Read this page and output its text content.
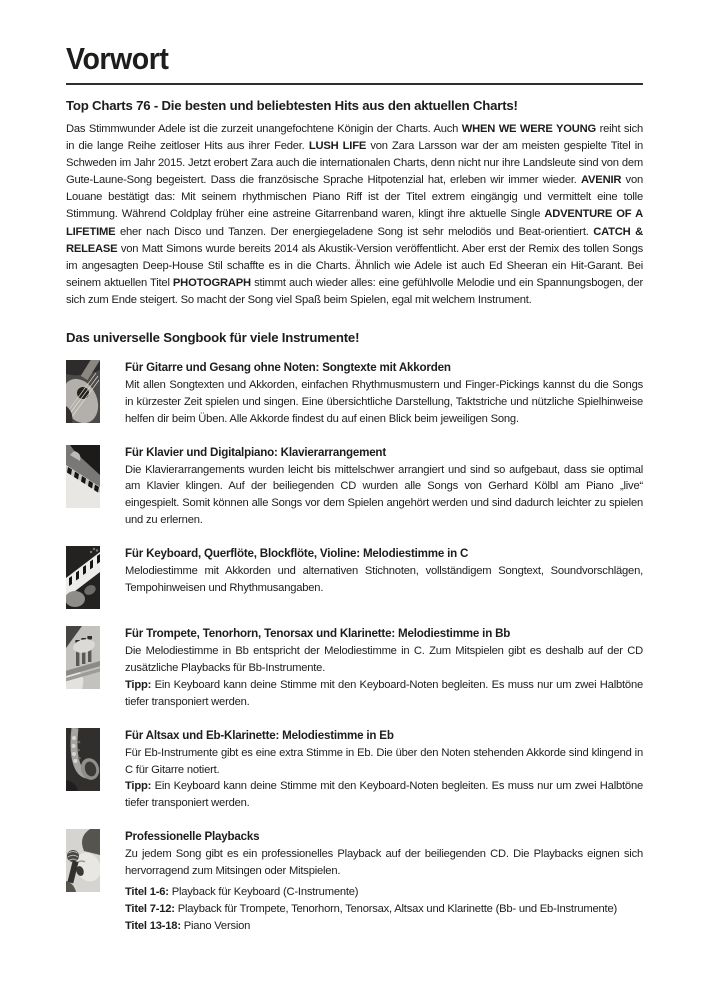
Vorwort
Top Charts 76 - Die besten und beliebtesten Hits aus den aktuellen Charts!

Das Stimmwunder Adele ist die zurzeit unangefochtene Königin der Charts. Auch WHEN WE WERE YOUNG reiht sich in die lange Reihe zeitloser Hits aus ihrer Feder. LUSH LIFE von Zara Larsson war der am meisten gespielte Titel in Schweden im Jahr 2015. Jetzt erobert Zara auch die internationalen Charts, denn nicht nur ihre Landsleute sind von dem Gute-Laune-Song begeistert. Dass die französische Sprache Hitpotenzial hat, erleben wir immer wieder. AVENIR von Louane bestätigt das: Mit seinem rhythmischen Piano Riff ist der Titel extrem eingängig und vermittelt eine tolle Stimmung. Während Coldplay früher eine astreine Gitarrenband waren, klingt ihre aktuelle Single ADVENTURE OF A LIFETIME eher nach Disco und Tanzen. Der energiegeladene Song ist sehr melodiös und Beat-orientiert. CATCH & RELEASE von Matt Simons wurde bereits 2014 als Akustik-Version veröffentlicht. Aber erst der Remix des tollen Songs im angesagten Deep-House Stil schaffte es in die Charts. Ähnlich wie Adele ist auch Ed Sheeran ein Hit-Garant. Bei seinem aktuellen Titel PHOTOGRAPH stimmt auch wieder alles: eine gefühlvolle Melodie und ein Spannungsbogen, der sich zum Ende steigert. So macht der Song viel Spaß beim Spielen, egal mit welchem Instrument.

Das universelle Songbook für viele Instrumente!
Für Gitarre und Gesang ohne Noten: Songtexte mit Akkorden

Mit allen Songtexten und Akkorden, einfachen Rhythmusmustern und Finger-Pickings kannst du die Songs in kürzester Zeit spielen und singen. Eine übersichtliche Darstellung, Taktstriche und nützliche Spielhinweise helfen dir beim Üben. Alle Akkorde findest du auf einen Blick beim jeweiligen Song.

Für Klavier und Digitalpiano: Klavierarrangement

Die Klavierarrangements wurden leicht bis mittelschwer arrangiert und sind so aufgebaut, dass sie optimal am Klavier klingen. Auf der beiliegenden CD wurden alle Songs von Gerhard Kölbl am Piano „live“ eingespielt. Somit können alle Songs vor dem Spielen angehört werden und sind dadurch leichter zu spielen und zu erlernen.

Für Keyboard, Querflöte, Blockflöte, Violine: Melodiestimme in C

Melodiestimme mit Akkorden und alternativen Stichnoten, vollständigem Songtext, Soundvorschlägen, Tempohinweisen und Rhythmusangaben.

Für Trompete, Tenorhorn, Tenorsax und Klarinette: Melodiestimme in Bb

Die Melodiestimme in Bb entspricht der Melodiestimme in C. Zum Mitspielen gibt es deshalb auf der CD zusätzliche Playbacks für Bb-Instrumente.

Tipp: Ein Keyboard kann deine Stimme mit den Keyboard-Noten begleiten. Es muss nur um zwei Halbtöne tiefer transponiert werden.

Für Altsax und Eb-Klarinette: Melodiestimme in Eb

Für Eb-Instrumente gibt es eine extra Stimme in Eb. Die über den Noten stehenden Akkorde sind klingend in C für Gitarre notiert.

Tipp: Ein Keyboard kann deine Stimme mit den Keyboard-Noten begleiten. Es muss nur um zwei Halbtöne tiefer transponiert werden.

Professionelle Playbacks

Zu jedem Song gibt es ein professionelles Playback auf der beiliegenden CD. Die Playbacks eignen sich hervorragend zum Mitsingen oder Mitspielen.

Titel 1-6: Playback für Keyboard (C-Instrumente)

Titel 7-12: Playback für Trompete, Tenorhorn, Tenorsax, Altsax und Klarinette (Bb- und Eb-Instrumente)

Titel 13-18: Piano Version
